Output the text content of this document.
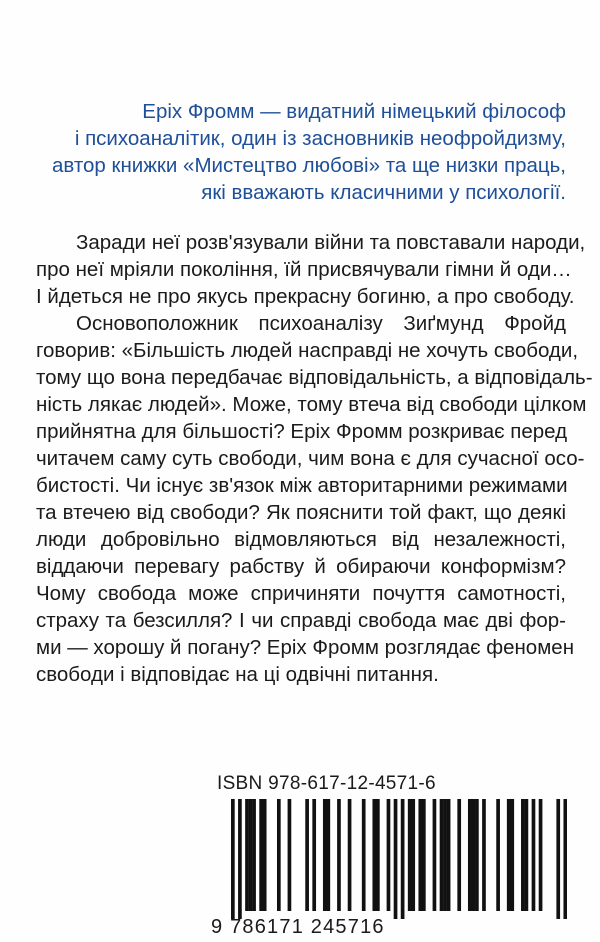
Еріх Фромм — видатний німецький філософ
і психоаналітик, один із засновників неофройдизму,
автор книжки «Мистецтво любові» та ще низки праць,
які вважають класичними у психології.

Заради неї розв'язували війни та повставали народи,
про неї мріяли покоління, їй присвячували гімни й оди…
І йдеться не про якусь прекрасну богиню, а про свободу.
Основоположник психоаналізу Зиґмунд Фройд
говорив: «Більшість людей насправді не хочуть свободи,
тому що вона передбачає відповідальність, а відповідаль-
ність лякає людей». Може, тому втеча від свободи цілком
прийнятна для більшості? Еріх Фромм розкриває перед
читачем саму суть свободи, чим вона є для сучасної осо-
бистості. Чи існує зв'язок між авторитарними режимами
та втечею від свободи? Як пояснити той факт, що деякі
люди добровільно відмовляються від незалежності,
віддаючи перевагу рабству й обираючи конформізм?
Чому свобода може спричиняти почуття самотності,
страху та безсилля? І чи справді свобода має дві фор-
ми — хорошу й погану? Еріх Фромм розглядає феномен
свободи і відповідає на ці одвічні питання.

ISBN 978-617-12-4571-6
9 786171 245716
